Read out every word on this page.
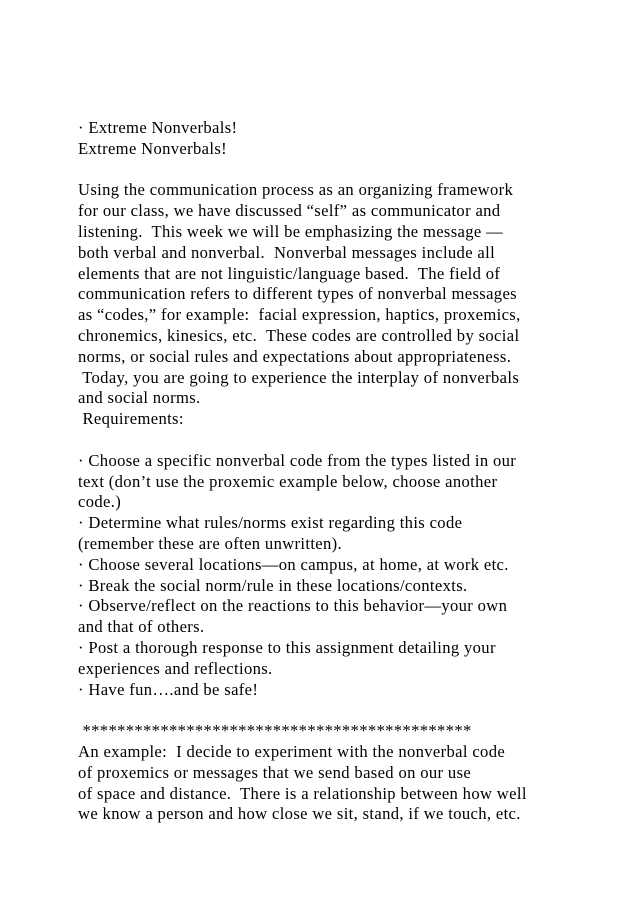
· Extreme Nonverbals!
Extreme Nonverbals!
Using the communication process as an organizing framework
for our class, we have discussed “self” as communicator and
listening.  This week we will be emphasizing the message —
both verbal and nonverbal.  Nonverbal messages include all
elements that are not linguistic/language based.  The field of
communication refers to different types of nonverbal messages
as “codes,” for example:  facial expression, haptics, proxemics,
chronemics, kinesics, etc.  These codes are controlled by social
norms, or social rules and expectations about appropriateness.
Today, you are going to experience the interplay of nonverbals
and social norms.
Requirements:
· Choose a specific nonverbal code from the types listed in our
text (don’t use the proxemic example below, choose another
code.)
· Determine what rules/norms exist regarding this code
(remember these are often unwritten).
· Choose several locations—on campus, at home, at work etc.
· Break the social norm/rule in these locations/contexts.
· Observe/reflect on the reactions to this behavior—your own
and that of others.
· Post a thorough response to this assignment detailing your
experiences and reflections.
· Have fun….and be safe!
*********************************************
An example:  I decide to experiment with the nonverbal code
of proxemics or messages that we send based on our use
of space and distance.  There is a relationship between how well
we know a person and how close we sit, stand, if we touch, etc.
